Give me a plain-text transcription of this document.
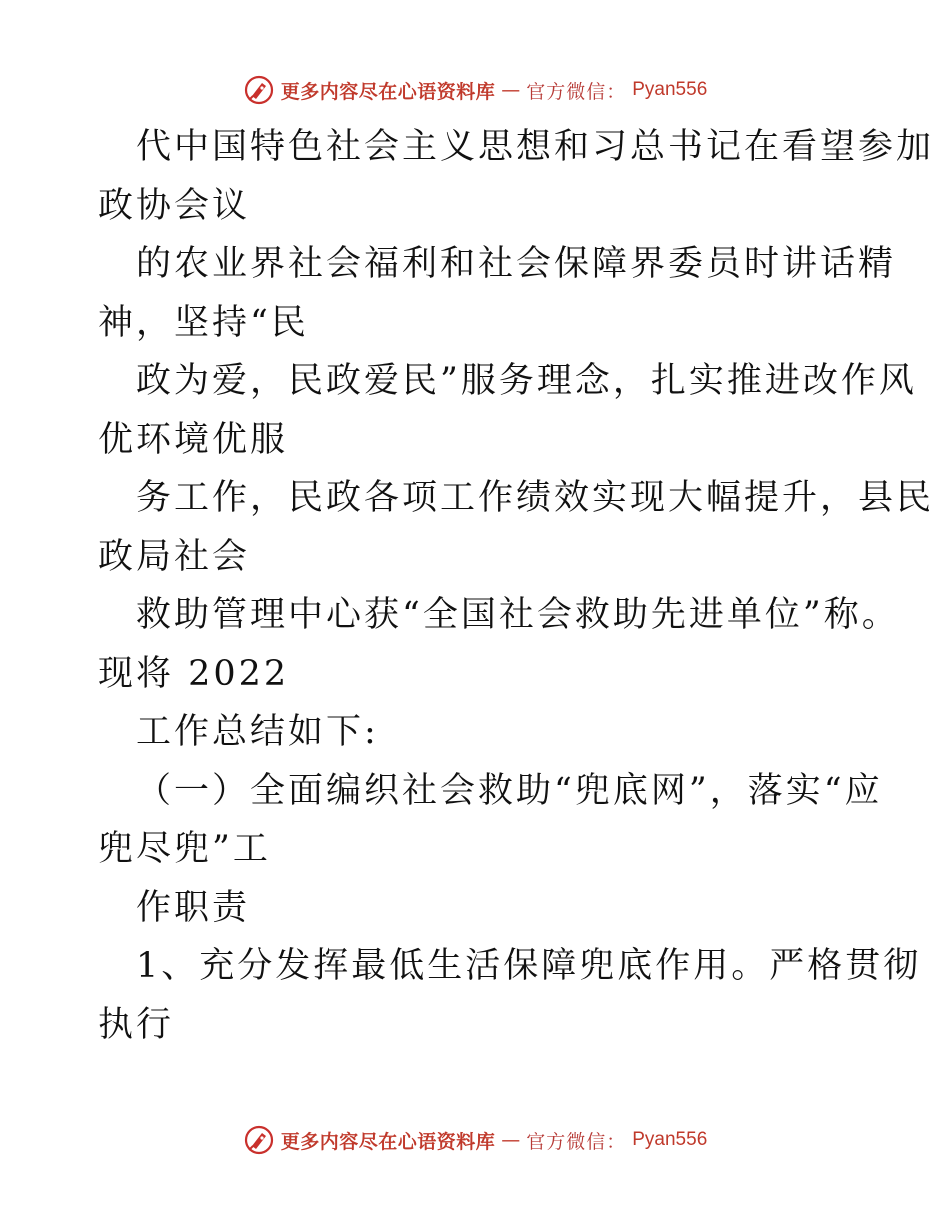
更多内容尽在心语资料库 — 官方微信： Pyan556
代中国特色社会主义思想和习总书记在看望参加
政协会议
的农业界社会福利和社会保障界委员时讲话精
神，坚持“民
政为爱，民政爱民”服务理念，扎实推进改作风
优环境优服
务工作，民政各项工作绩效实现大幅提升，县民
政局社会
救助管理中心获“全国社会救助先进单位”称。
现将 2022
工作总结如下:
（一）全面编织社会救助“兜底网”，落实“应
兜尽兜”工
作职责
1、充分发挥最低生活保障兜底作用。严格贯彻
执行
更多内容尽在心语资料库 — 官方微信： Pyan556
